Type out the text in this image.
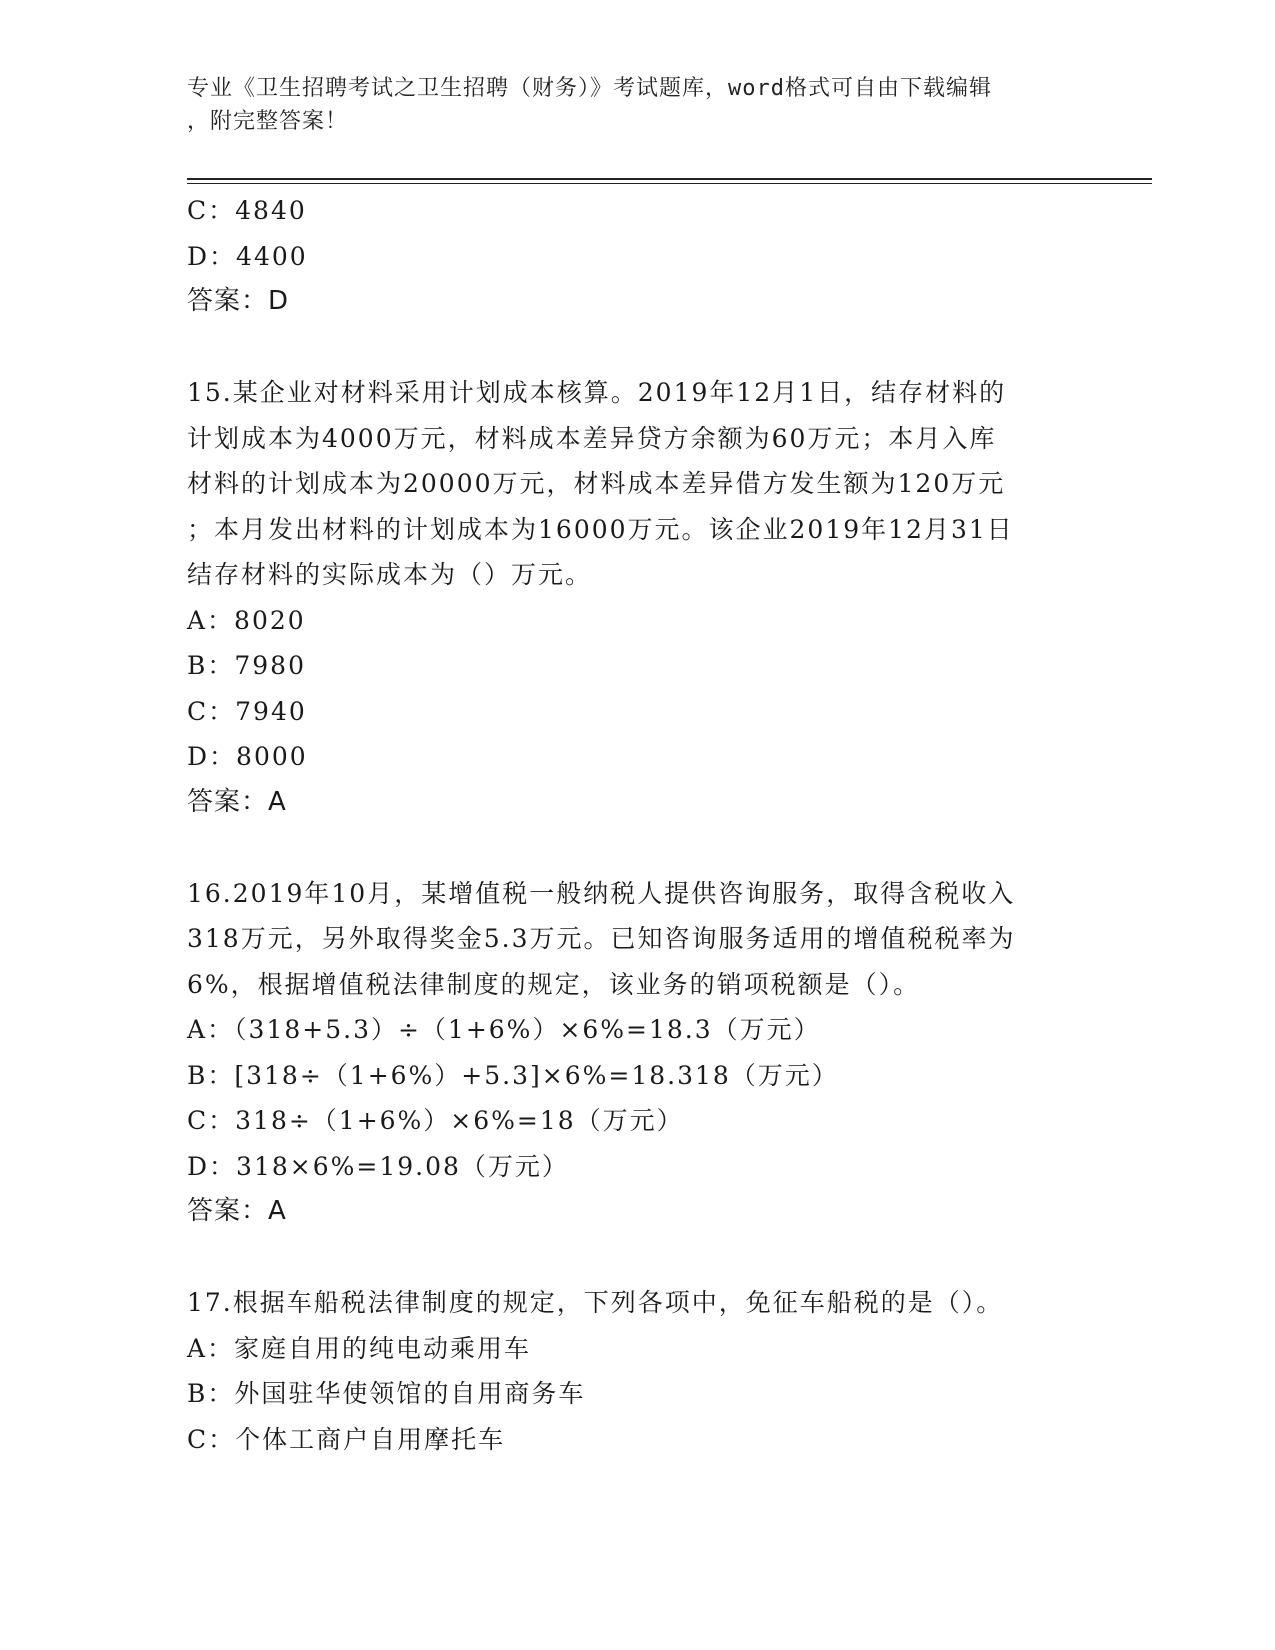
专业《卫生招聘考试之卫生招聘（财务）》考试题库，word格式可自由下载编辑
，附完整答案！
C：4840
D：4400
答案：D
15.某企业对材料采用计划成本核算。2019年12月1日，结存材料的
计划成本为4000万元，材料成本差异贷方余额为60万元；本月入库
材料的计划成本为20000万元，材料成本差异借方发生额为120万元
；本月发出材料的计划成本为16000万元。该企业2019年12月31日
结存材料的实际成本为（）万元。
A：8020
B：7980
C：7940
D：8000
答案：A
16.2019年10月，某增值税一般纳税人提供咨询服务，取得含税收入
318万元，另外取得奖金5.3万元。已知咨询服务适用的增值税税率为
6%，根据增值税法律制度的规定，该业务的销项税额是（）。
A：（318+5.3）÷（1+6%）×6%=18.3（万元）
B：[318÷（1+6%）+5.3]×6%=18.318（万元）
C：318÷（1+6%）×6%=18（万元）
D：318×6%=19.08（万元）
答案：A
17.根据车船税法律制度的规定，下列各项中，免征车船税的是（）。
A：家庭自用的纯电动乘用车
B：外国驻华使领馆的自用商务车
C：个体工商户自用摩托车
